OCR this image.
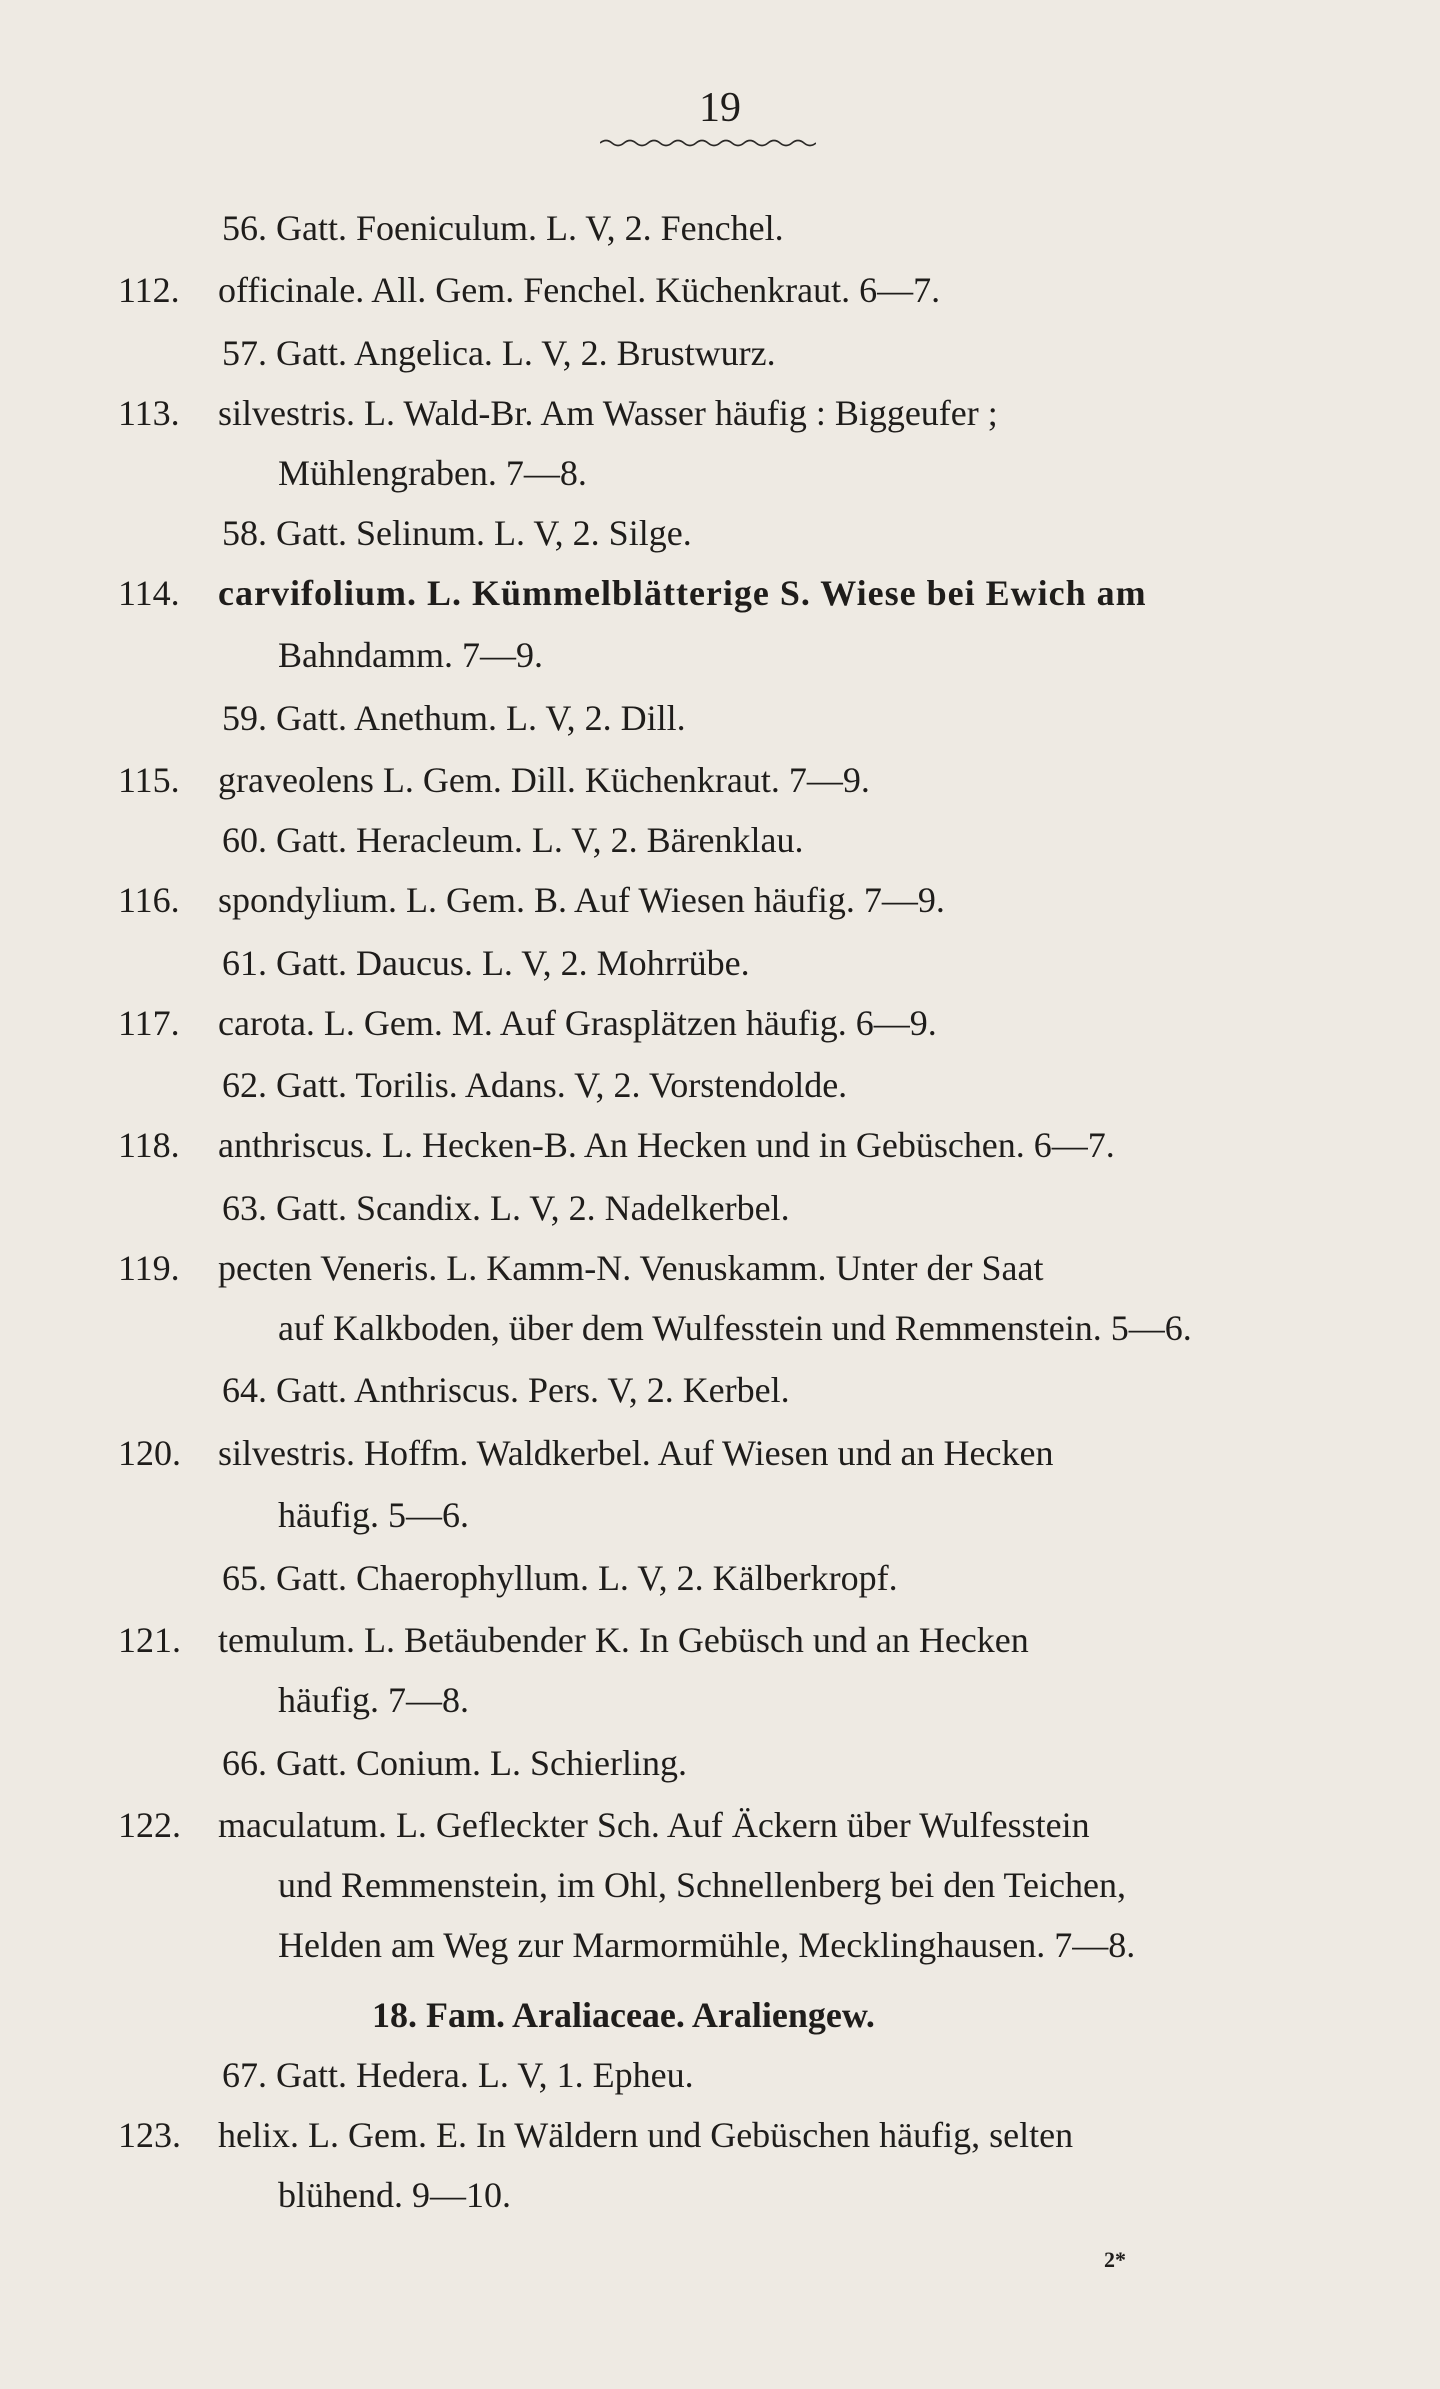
19
56. Gatt. Foeniculum. L. V, 2. Fenchel.
112. officinale. All. Gem. Fenchel. Küchenkraut. 6—7.
57. Gatt. Angelica. L. V, 2. Brustwurz.
113. silvestris. L. Wald-Br. Am Wasser häufig : Biggeufer ;
Mühlengraben. 7—8.
58. Gatt. Selinum. L. V, 2. Silge.
114. carvifolium. L. Kümmelblätterige S. Wiese bei Ewich am
Bahndamm. 7—9.
59. Gatt. Anethum. L. V, 2. Dill.
115. graveolens L. Gem. Dill. Küchenkraut. 7—9.
60. Gatt. Heracleum. L. V, 2. Bärenklau.
116. spondylium. L. Gem. B. Auf Wiesen häufig. 7—9.
61. Gatt. Daucus. L. V, 2. Mohrrübe.
117. carota. L. Gem. M. Auf Grasplätzen häufig. 6—9.
62. Gatt. Torilis. Adans. V, 2. Vorstendolde.
118. anthriscus. L. Hecken-B. An Hecken und in Gebüschen. 6—7.
63. Gatt. Scandix. L. V, 2. Nadelkerbel.
119. pecten Veneris. L. Kamm-N. Venuskamm. Unter der Saat
auf Kalkboden, über dem Wulfesstein und Remmenstein. 5—6.
64. Gatt. Anthriscus. Pers. V, 2. Kerbel.
120. silvestris. Hoffm. Waldkerbel. Auf Wiesen und an Hecken
häufig. 5—6.
65. Gatt. Chaerophyllum. L. V, 2. Kälberkropf.
121. temulum. L. Betäubender K. In Gebüsch und an Hecken
häufig. 7—8.
66. Gatt. Conium. L. Schierling.
122. maculatum. L. Gefleckter Sch. Auf Äckern über Wulfesstein
und Remmenstein, im Ohl, Schnellenberg bei den Teichen,
Helden am Weg zur Marmormühle, Mecklinghausen. 7—8.
18. Fam. Araliaceae. Araliengew.
67. Gatt. Hedera. L. V, 1. Epheu.
123. helix. L. Gem. E. In Wäldern und Gebüschen häufig, selten
blühend. 9—10.
2*
